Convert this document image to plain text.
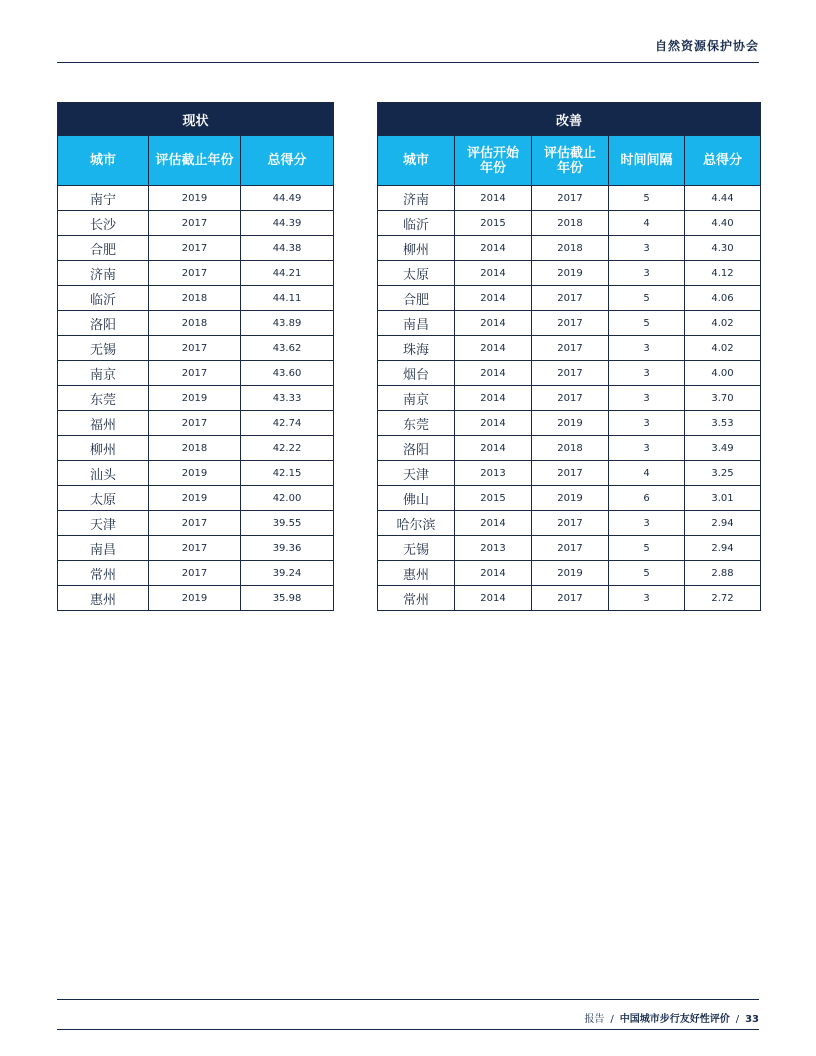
自然资源保护协会
现状		
城市	评估截止年份	总得分
南宁	2019	44.49
长沙	2017	44.39
合肥	2017	44.38
济南	2017	44.21
临沂	2018	44.11
洛阳	2018	43.89
无锡	2017	43.62
南京	2017	43.60
东莞	2019	43.33
福州	2017	42.74
柳州	2018	42.22
汕头	2019	42.15
太原	2019	42.00
天津	2017	39.55
南昌	2017	39.36
常州	2017	39.24
惠州	2019	35.98
改善				
城市	评估开始年份	评估截止年份	时间间隔	总得分
济南	2014	2017	5	4.44
临沂	2015	2018	4	4.40
柳州	2014	2018	3	4.30
太原	2014	2019	3	4.12
合肥	2014	2017	5	4.06
南昌	2014	2017	5	4.02
珠海	2014	2017	3	4.02
烟台	2014	2017	3	4.00
南京	2014	2017	3	3.70
东莞	2014	2019	3	3.53
洛阳	2014	2018	3	3.49
天津	2013	2017	4	3.25
佛山	2015	2019	6	3.01
哈尔滨	2014	2017	3	2.94
无锡	2013	2017	5	2.94
惠州	2014	2019	5	2.88
常州	2014	2017	3	2.72
报告 / 中国城市步行友好性评价 / 33
